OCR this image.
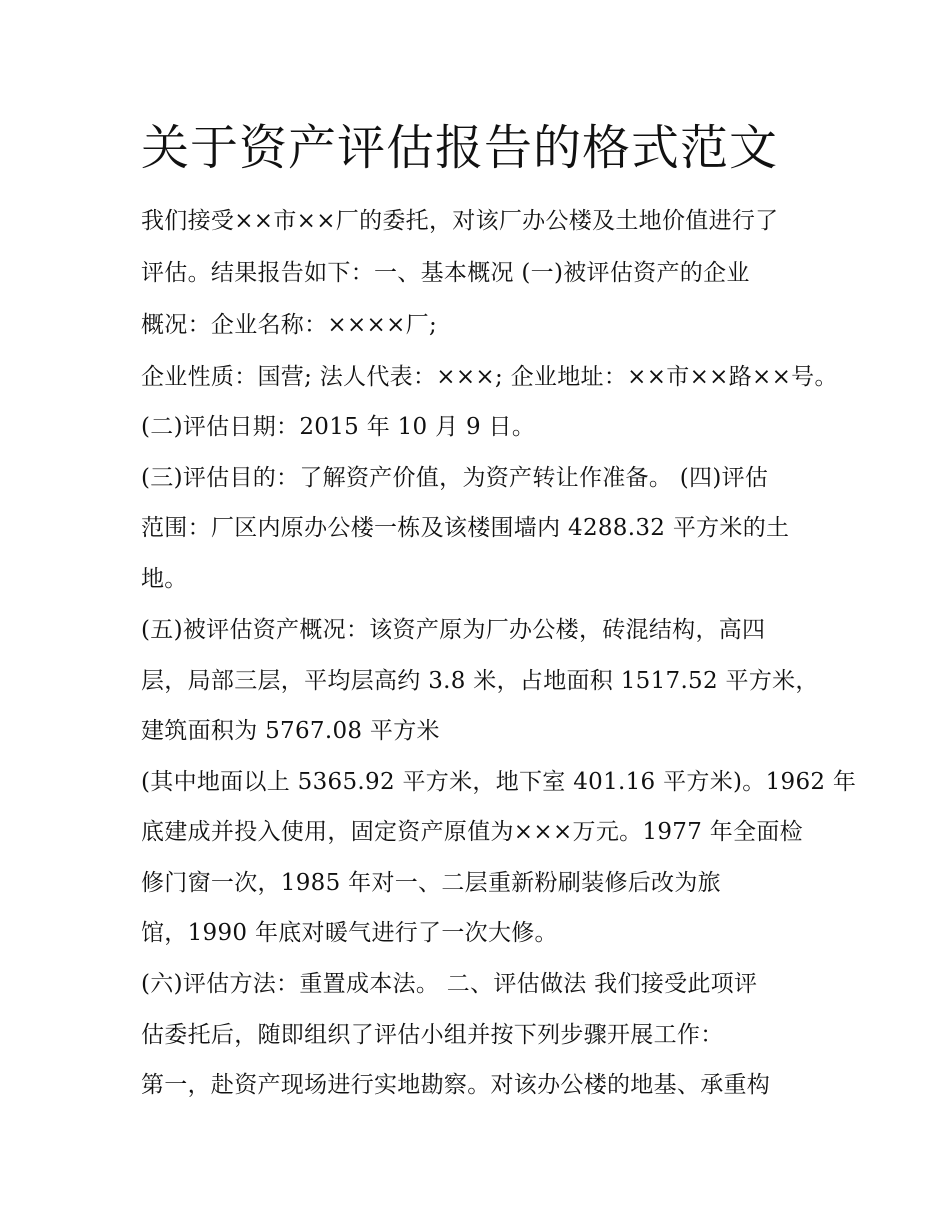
关于资产评估报告的格式范文

我们接受××市××厂的委托，对该厂办公楼及土地价值进行了

评估。结果报告如下：一、基本概况 (一)被评估资产的企业

概况：企业名称：××××厂;

企业性质：国营; 法人代表：×××; 企业地址：××市××路××号。

(二)评估日期：2015 年 10 月 9 日。

(三)评估目的：了解资产价值，为资产转让作准备。 (四)评估

范围：厂区内原办公楼一栋及该楼围墙内 4288.32 平方米的土

地。

(五)被评估资产概况：该资产原为厂办公楼，砖混结构，高四

层，局部三层，平均层高约 3.8 米，占地面积 1517.52 平方米，

建筑面积为 5767.08 平方米

(其中地面以上 5365.92 平方米，地下室 401.16 平方米)。1962 年

底建成并投入使用，固定资产原值为×××万元。1977 年全面检

修门窗一次，1985 年对一、二层重新粉刷装修后改为旅

馆，1990 年底对暖气进行了一次大修。

(六)评估方法：重置成本法。 二、评估做法 我们接受此项评

估委托后，随即组织了评估小组并按下列步骤开展工作：

第一，赴资产现场进行实地勘察。对该办公楼的地基、承重构
